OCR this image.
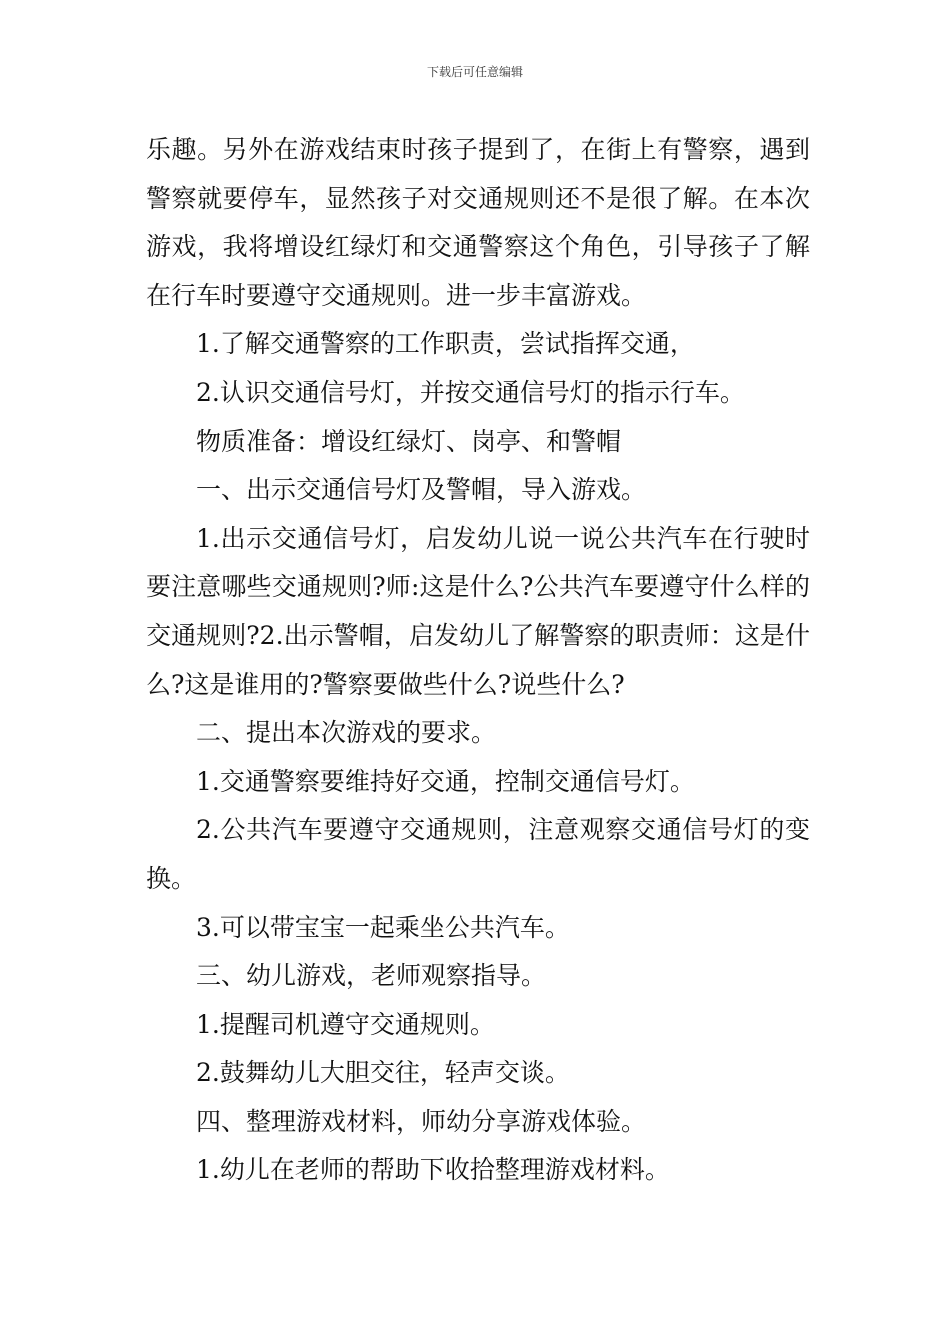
下载后可任意编辑

乐趣。另外在游戏结束时孩子提到了，在街上有警察，遇到警察就要停车，显然孩子对交通规则还不是很了解。在本次游戏，我将增设红绿灯和交通警察这个角色，引导孩子了解在行车时要遵守交通规则。进一步丰富游戏。

1.了解交通警察的工作职责，尝试指挥交通，

2.认识交通信号灯，并按交通信号灯的指示行车。

物质准备：增设红绿灯、岗亭、和警帽

一、出示交通信号灯及警帽，导入游戏。

1.出示交通信号灯，启发幼儿说一说公共汽车在行驶时要注意哪些交通规则?师:这是什么?公共汽车要遵守什么样的交通规则?2.出示警帽，启发幼儿了解警察的职责师：这是什么?这是谁用的?警察要做些什么?说些什么?

二、提出本次游戏的要求。

1.交通警察要维持好交通，控制交通信号灯。

2.公共汽车要遵守交通规则，注意观察交通信号灯的变换。

3.可以带宝宝一起乘坐公共汽车。

三、幼儿游戏，老师观察指导。

1.提醒司机遵守交通规则。

2.鼓舞幼儿大胆交往，轻声交谈。

四、整理游戏材料，师幼分享游戏体验。

1.幼儿在老师的帮助下收拾整理游戏材料。
